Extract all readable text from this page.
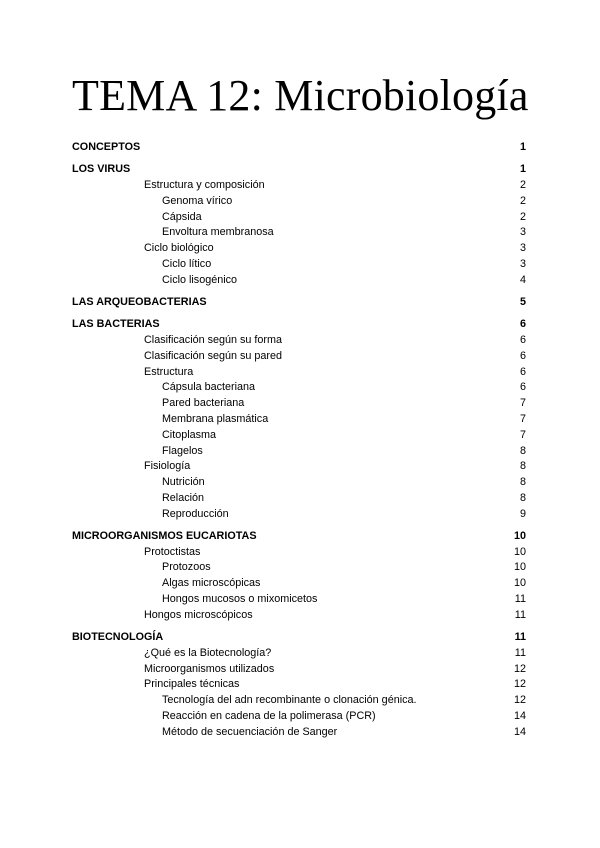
TEMA 12: Microbiología
CONCEPTOS	1
LOS VIRUS	1
Estructura y composición	2
Genoma vírico	2
Cápsida	2
Envoltura membranosa	3
Ciclo biológico	3
Ciclo lítico	3
Ciclo lisogénico	4
LAS ARQUEOBACTERIAS	5
LAS BACTERIAS	6
Clasificación según su forma	6
Clasificación según su pared	6
Estructura	6
Cápsula bacteriana	6
Pared bacteriana	7
Membrana plasmática	7
Citoplasma	7
Flagelos	8
Fisiología	8
Nutrición	8
Relación	8
Reproducción	9
MICROORGANISMOS EUCARIOTAS	10
Protoctistas	10
Protozoos	10
Algas microscópicas	10
Hongos mucosos o mixomicetos	11
Hongos microscópicos	11
BIOTECNOLOGÍA	11
¿Qué es la Biotecnología?	11
Microorganismos utilizados	12
Principales técnicas	12
Tecnología del adn recombinante o clonación génica.	12
Reacción en cadena de la polimerasa (PCR)	14
Método de secuenciación de Sanger	14
